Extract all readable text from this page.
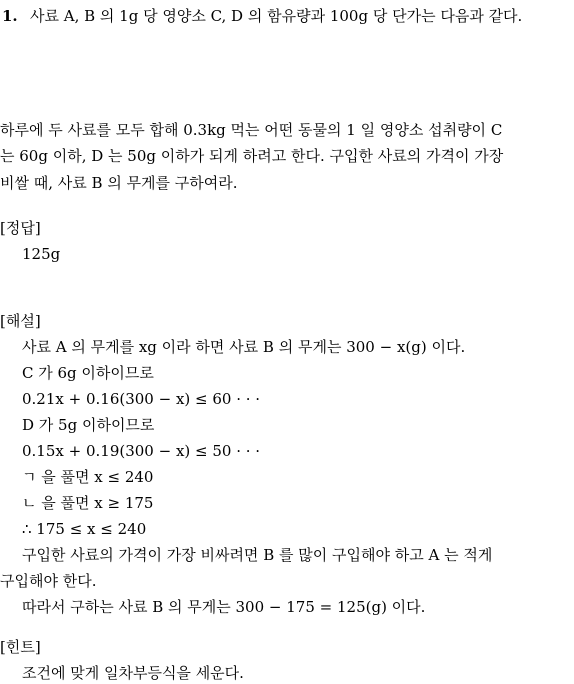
1. 사료 A, B 의 1g 당 영양소 C, D 의 함유량과 100g 당 단가는 다음과 같다.
하루에 두 사료를 모두 합해 0.3kg 먹는 어떤 동물의 1 일 영양소 섭취량이 C
는 60g 이하, D 는 50g 이하가 되게 하려고 한다. 구입한 사료의 가격이 가장
비쌀 때, 사료 B 의 무게를 구하여라.
[정답]
125g
[해설]
사료 A 의 무게를 xg 이라 하면 사료 B 의 무게는 300 − x(g) 이다.
C 가 6g 이하이므로
0.21x + 0.16(300 − x) ≤ 60 · · ·
D 가 5g 이하이므로
0.15x + 0.19(300 − x) ≤ 50 · · ·
ㄱ 을 풀면 x ≤ 240
ㄴ 을 풀면 x ≥ 175
∴ 175 ≤ x ≤ 240
구입한 사료의 가격이 가장 비싸려면 B 를 많이 구입해야 하고 A 는 적게
구입해야 한다.
따라서 구하는 사료 B 의 무게는 300 − 175 = 125(g) 이다.
[힌트]
조건에 맞게 일차부등식을 세운다.
